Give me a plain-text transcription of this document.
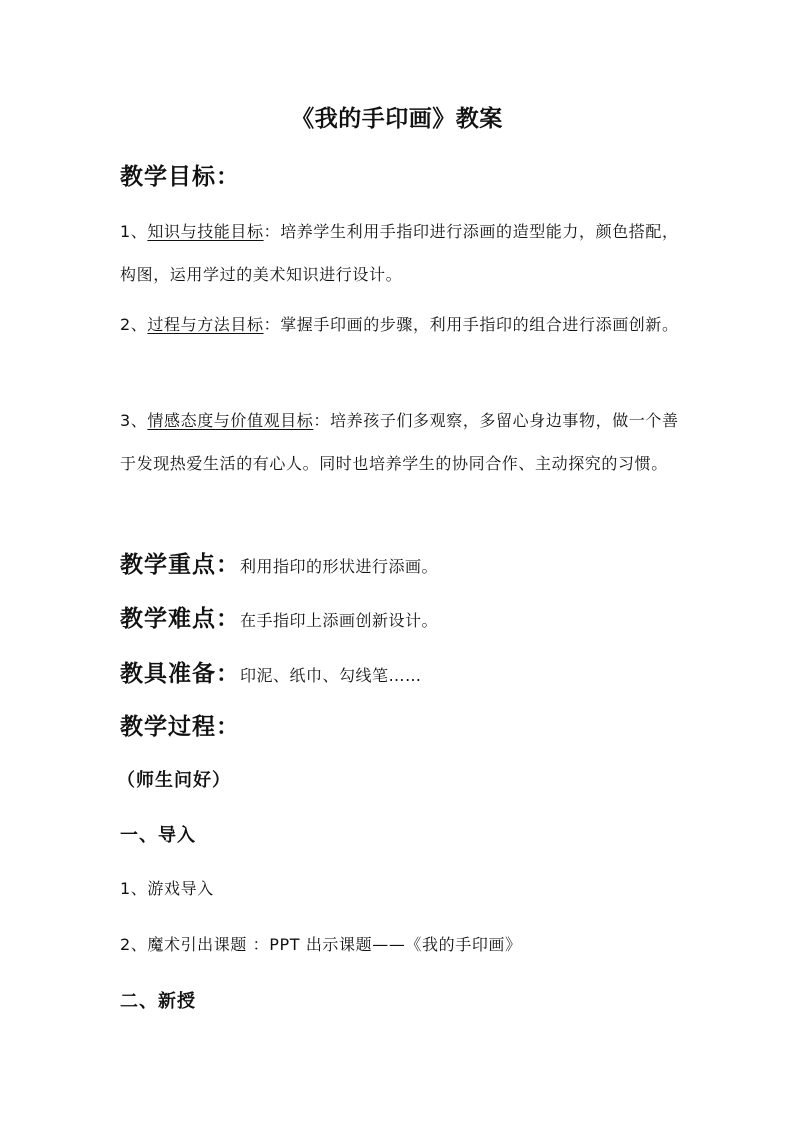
《我的手印画》教案
教学目标：
1、知识与技能目标：培养学生利用手指印进行添画的造型能力，颜色搭配，构图，运用学过的美术知识进行设计。
2、过程与方法目标：掌握手印画的步骤，利用手指印的组合进行添画创新。
3、情感态度与价值观目标：培养孩子们多观察，多留心身边事物，做一个善于发现热爱生活的有心人。同时也培养学生的协同合作、主动探究的习惯。
教学重点：利用指印的形状进行添画。
教学难点：在手指印上添画创新设计。
教具准备：印泥、纸巾、勾线笔……
教学过程：
（师生问好）
一、导入
1、游戏导入
2、魔术引出课题 ：PPT 出示课题——《我的手印画》
二、新授
